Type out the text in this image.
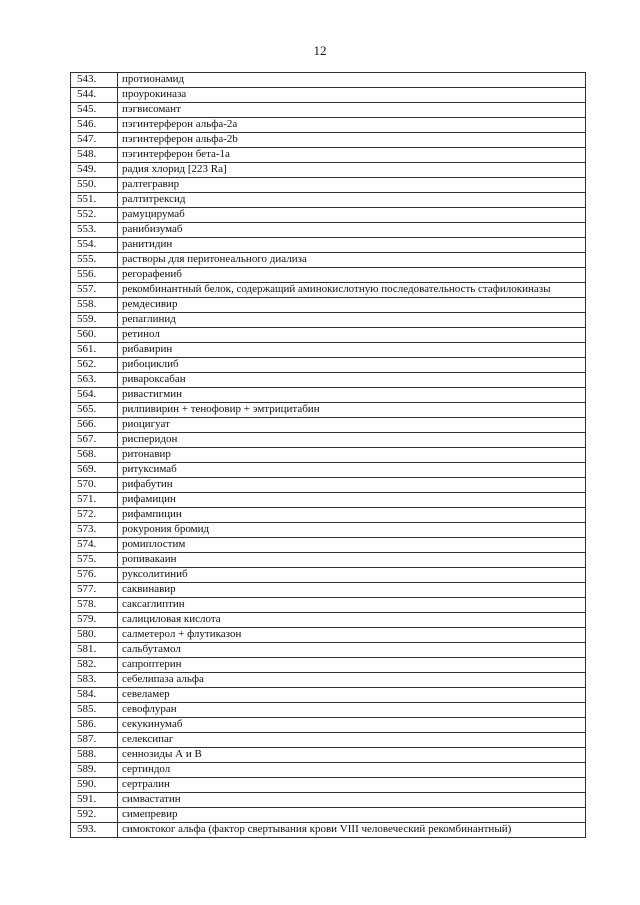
12
543.	протионамид
544.	проурокиназа
545.	пэгвисомант
546.	пэгинтерферон альфа-2а
547.	пэгинтерферон альфа-2b
548.	пэгинтерферон бета-1а
549.	радия хлорид [223 Ra]
550.	ралтегравир
551.	ралтитрексид
552.	рамуцирумаб
553.	ранибизумаб
554.	ранитидин
555.	растворы для перитонеального диализа
556.	регорафениб
557.	рекомбинантный белок, содержащий аминокислотную последовательность стафилокиназы
558.	ремдесивир
559.	репаглинид
560.	ретинол
561.	рибавирин
562.	рибоциклиб
563.	ривароксабан
564.	ривастигмин
565.	рилпивирин + тенофовир + эмтрицитабин
566.	риоцигуат
567.	рисперидон
568.	ритонавир
569.	ритуксимаб
570.	рифабутин
571.	рифамицин
572.	рифампицин
573.	рокурония бромид
574.	ромиплостим
575.	ропивакаин
576.	руксолитиниб
577.	саквинавир
578.	саксаглиптин
579.	салициловая кислота
580.	салметерол + флутиказон
581.	сальбутамол
582.	сапроптерин
583.	себелипаза альфа
584.	севеламер
585.	севофлуран
586.	секукинумаб
587.	селексипаг
588.	сеннозиды А и В
589.	сертиндол
590.	сертралин
591.	симвастатин
592.	симепревир
593.	симоктоког альфа (фактор свертывания крови VIII человеческий рекомбинантный)
